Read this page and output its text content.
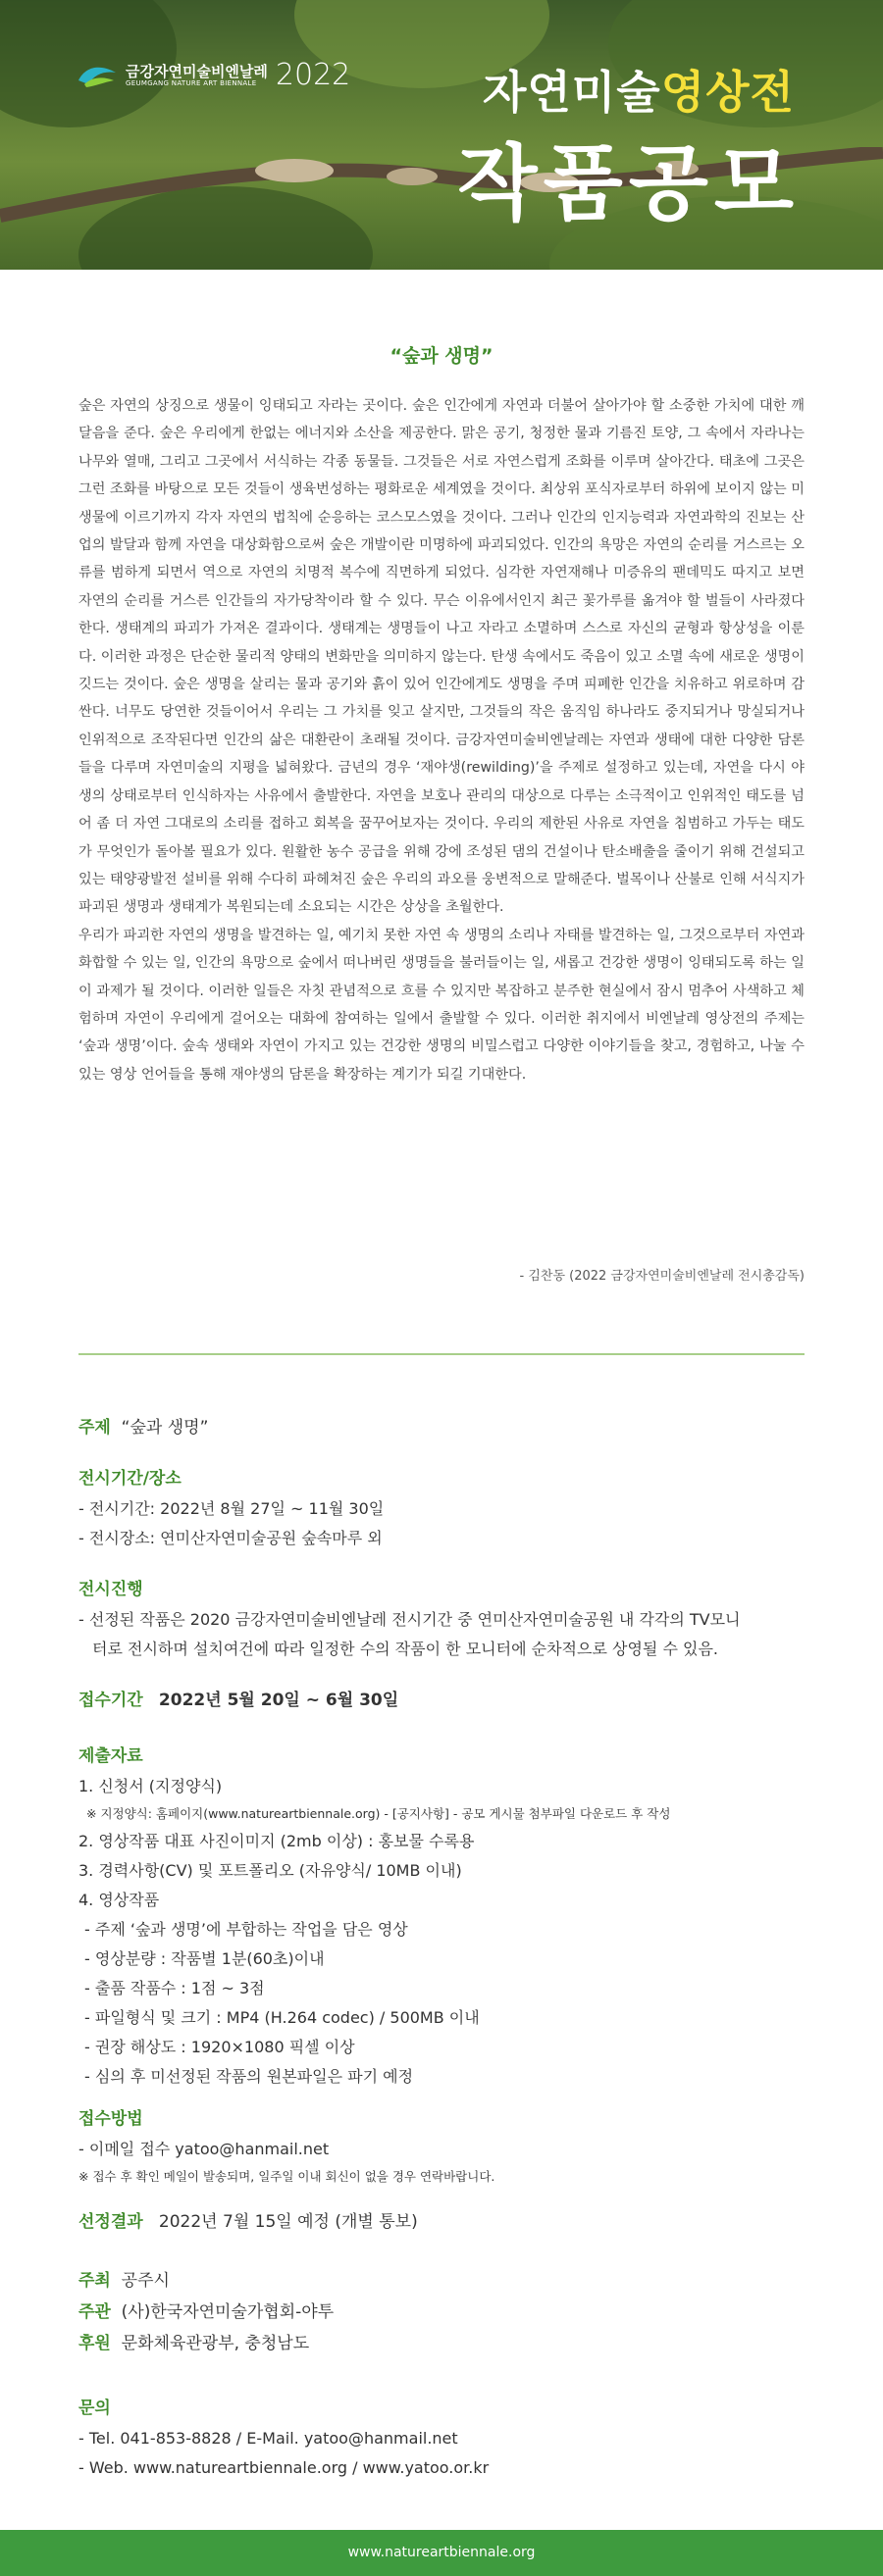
금강자연미술비엔날레
GEUMGANG NATURE ART BIENNALE 2022	자연미술영상전
작품공모
“숲과 생명”

숲은 자연의 상징으로 생물이 잉태되고 자라는 곳이다. 숲은 인간에게 자연과 더불어 살아가야 할 소중한 가치에 대한 깨달음을 준다. 숲은 우리에게 한없는 에너지와 소산을 제공한다. 맑은 공기, 청정한 물과 기름진 토양, 그 속에서 자라나는 나무와 열매, 그리고 그곳에서 서식하는 각종 동물들. 그것들은 서로 자연스럽게 조화를 이루며 살아간다. 태초에 그곳은 그런 조화를 바탕으로 모든 것들이 생육번성하는 평화로운 세계였을 것이다. 최상위 포식자로부터 하위에 보이지 않는 미생물에 이르기까지 각자 자연의 법칙에 순응하는 코스모스였을 것이다. 그러나 인간의 인지능력과 자연과학의 진보는 산업의 발달과 함께 자연을 대상화함으로써 숲은 개발이란 미명하에 파괴되었다. 인간의 욕망은 자연의 순리를 거스르는 오류를 범하게 되면서 역으로 자연의 치명적 복수에 직면하게 되었다. 심각한 자연재해나 미증유의 팬데믹도 따지고 보면 자연의 순리를 거스른 인간들의 자가당착이라 할 수 있다. 무슨 이유에서인지 최근 꽃가루를 옮겨야 할 벌들이 사라졌다 한다. 생태계의 파괴가 가져온 결과이다. 생태계는 생명들이 나고 자라고 소멸하며 스스로 자신의 균형과 항상성을 이룬다. 이러한 과정은 단순한 물리적 양태의 변화만을 의미하지 않는다. 탄생 속에서도 죽음이 있고 소멸 속에 새로운 생명이 깃드는 것이다. 숲은 생명을 살리는 물과 공기와 흙이 있어 인간에게도 생명을 주며 피폐한 인간을 치유하고 위로하며 감싼다. 너무도 당연한 것들이어서 우리는 그 가치를 잊고 살지만, 그것들의 작은 움직임 하나라도 중지되거나 망실되거나 인위적으로 조작된다면 인간의 삶은 대환란이 초래될 것이다. 금강자연미술비엔날레는 자연과 생태에 대한 다양한 담론들을 다루며 자연미술의 지평을 넓혀왔다. 금년의 경우 ‘재야생(rewilding)’을 주제로 설정하고 있는데, 자연을 다시 야생의 상태로부터 인식하자는 사유에서 출발한다. 자연을 보호나 관리의 대상으로 다루는 소극적이고 인위적인 태도를 넘어 좀 더 자연 그대로의 소리를 접하고 회복을 꿈꾸어보자는 것이다. 우리의 제한된 사유로 자연을 침범하고 가두는 태도가 무엇인가 돌아볼 필요가 있다. 원활한 농수 공급을 위해 강에 조성된 댐의 건설이나 탄소배출을 줄이기 위해 건설되고 있는 태양광발전 설비를 위해 수다히 파헤쳐진 숲은 우리의 과오를 웅변적으로 말해준다. 벌목이나 산불로 인해 서식지가 파괴된 생명과 생태계가 복원되는데 소요되는 시간은 상상을 초월한다.

우리가 파괴한 자연의 생명을 발견하는 일, 예기치 못한 자연 속 생명의 소리나 자태를 발견하는 일, 그것으로부터 자연과 화합할 수 있는 일, 인간의 욕망으로 숲에서 떠나버린 생명들을 불러들이는 일, 새롭고 건강한 생명이 잉태되도록 하는 일이 과제가 될 것이다. 이러한 일들은 자칫 관념적으로 흐를 수 있지만 복잡하고 분주한 현실에서 잠시 멈추어 사색하고 체험하며 자연이 우리에게 걸어오는 대화에 참여하는 일에서 출발할 수 있다. 이러한 취지에서 비엔날레 영상전의 주제는 ‘숲과 생명’이다. 숲속 생태와 자연이 가지고 있는 건강한 생명의 비밀스럽고 다양한 이야기들을 찾고, 경험하고, 나눌 수 있는 영상 언어들을 통해 재야생의 담론을 확장하는 계기가 되길 기대한다.

- 김찬동 (2022 금강자연미술비엔날레 전시총감독)
주제 “숲과 생명”
전시기간/장소
- 전시기간: 2022년 8월 27일 ~ 11월 30일
- 전시장소: 연미산자연미술공원 숲속마루 외
전시진행
- 선정된 작품은 2020 금강자연미술비엔날레 전시기간 중 연미산자연미술공원 내 각각의 TV모니
터로 전시하며 설치여건에 따라 일정한 수의 작품이 한 모니터에 순차적으로 상영될 수 있음.
접수기간 2022년 5월 20일 ~ 6월 30일
제출자료
1. 신청서 (지정양식)
※ 지정양식: 홈페이지(www.natureartbiennale.org) - [공지사항] - 공모 게시물 첨부파일 다운로드 후 작성
2. 영상작품 대표 사진이미지 (2mb 이상) : 홍보물 수록용
3. 경력사항(CV) 및 포트폴리오 (자유양식/ 10MB 이내)
4. 영상작품
- 주제 ‘숲과 생명’에 부합하는 작업을 담은 영상
- 영상분량 : 작품별 1분(60초)이내
- 출품 작품수 : 1점 ~ 3점
- 파일형식 및 크기 : MP4 (H.264 codec) / 500MB 이내
- 권장 해상도 : 1920×1080 픽셀 이상
- 심의 후 미선정된 작품의 원본파일은 파기 예정
접수방법
- 이메일 접수 yatoo@hanmail.net
※ 접수 후 확인 메일이 발송되며, 일주일 이내 회신이 없을 경우 연락바랍니다.
선정결과 2022년 7월 15일 예정 (개별 통보)
주최 공주시
주관 (사)한국자연미술가협회-야투
후원 문화체육관광부, 충청남도
문의
- Tel. 041-853-8828 / E-Mail. yatoo@hanmail.net
- Web. www.natureartbiennale.org / www.yatoo.or.kr
www.natureartbiennale.org
